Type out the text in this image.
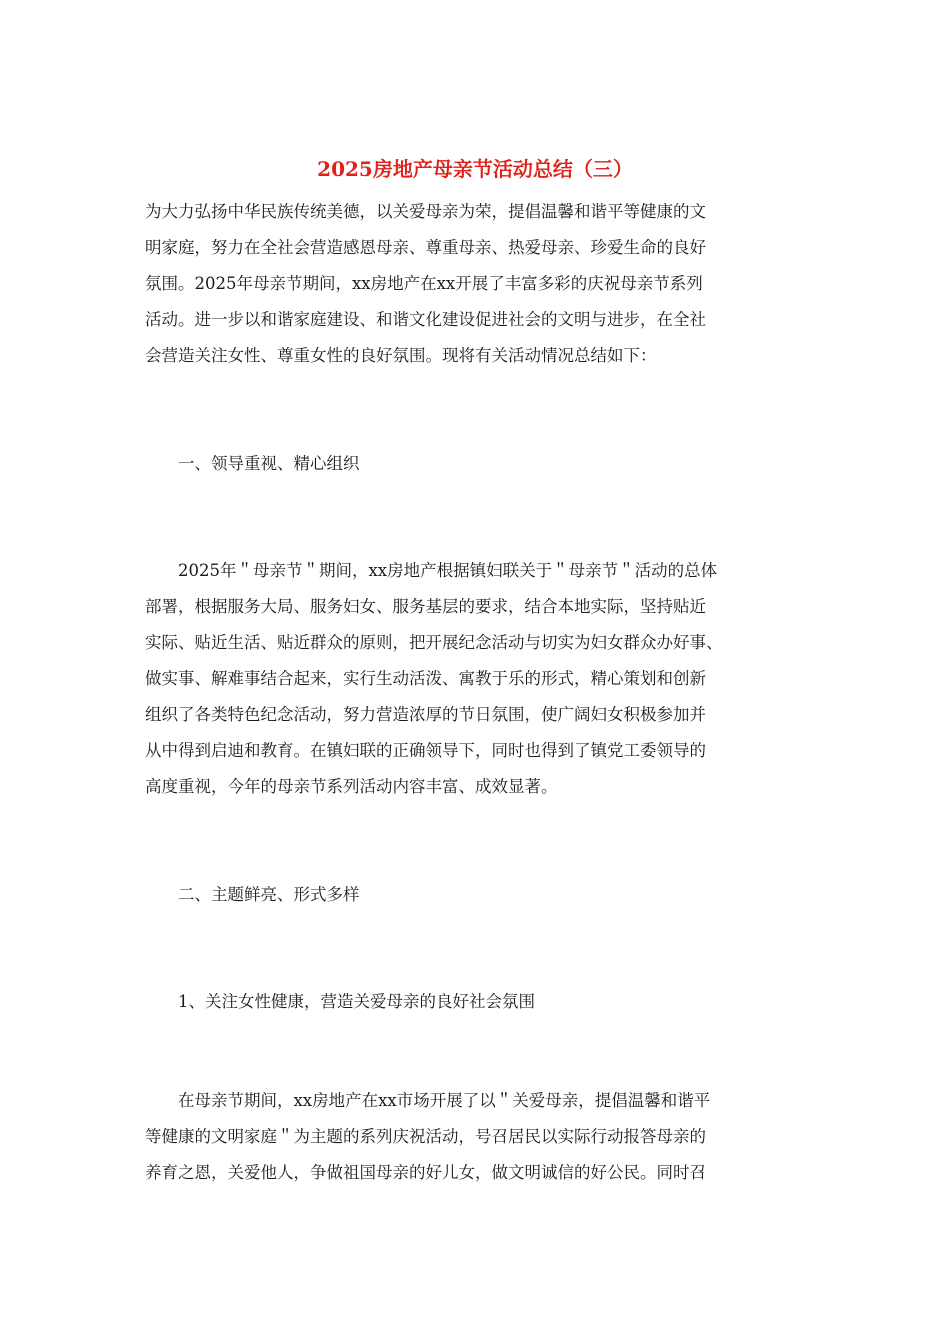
2025房地产母亲节活动总结（三）

为大力弘扬中华民族传统美德，以关爱母亲为荣，提倡温馨和谐平等健康的文

明家庭，努力在全社会营造感恩母亲、尊重母亲、热爱母亲、珍爱生命的良好

氛围。2025年母亲节期间，xx房地产在xx开展了丰富多彩的庆祝母亲节系列

活动。进一步以和谐家庭建设、和谐文化建设促进社会的文明与进步，在全社

会营造关注女性、尊重女性的良好氛围。现将有关活动情况总结如下：

　　一、领导重视、精心组织

　　2025年＂母亲节＂期间，xx房地产根据镇妇联关于＂母亲节＂活动的总体

部署，根据服务大局、服务妇女、服务基层的要求，结合本地实际，坚持贴近

实际、贴近生活、贴近群众的原则，把开展纪念活动与切实为妇女群众办好事、

做实事、解难事结合起来，实行生动活泼、寓教于乐的形式，精心策划和创新

组织了各类特色纪念活动，努力营造浓厚的节日氛围，使广阔妇女积极参加并

从中得到启迪和教育。在镇妇联的正确领导下，同时也得到了镇党工委领导的

高度重视，今年的母亲节系列活动内容丰富、成效显著。

　　二、主题鲜亮、形式多样

　　1、关注女性健康，营造关爱母亲的良好社会氛围

　　在母亲节期间，xx房地产在xx市场开展了以＂关爱母亲，提倡温馨和谐平

等健康的文明家庭＂为主题的系列庆祝活动，号召居民以实际行动报答母亲的

养育之恩，关爱他人，争做祖国母亲的好儿女，做文明诚信的好公民。同时召
